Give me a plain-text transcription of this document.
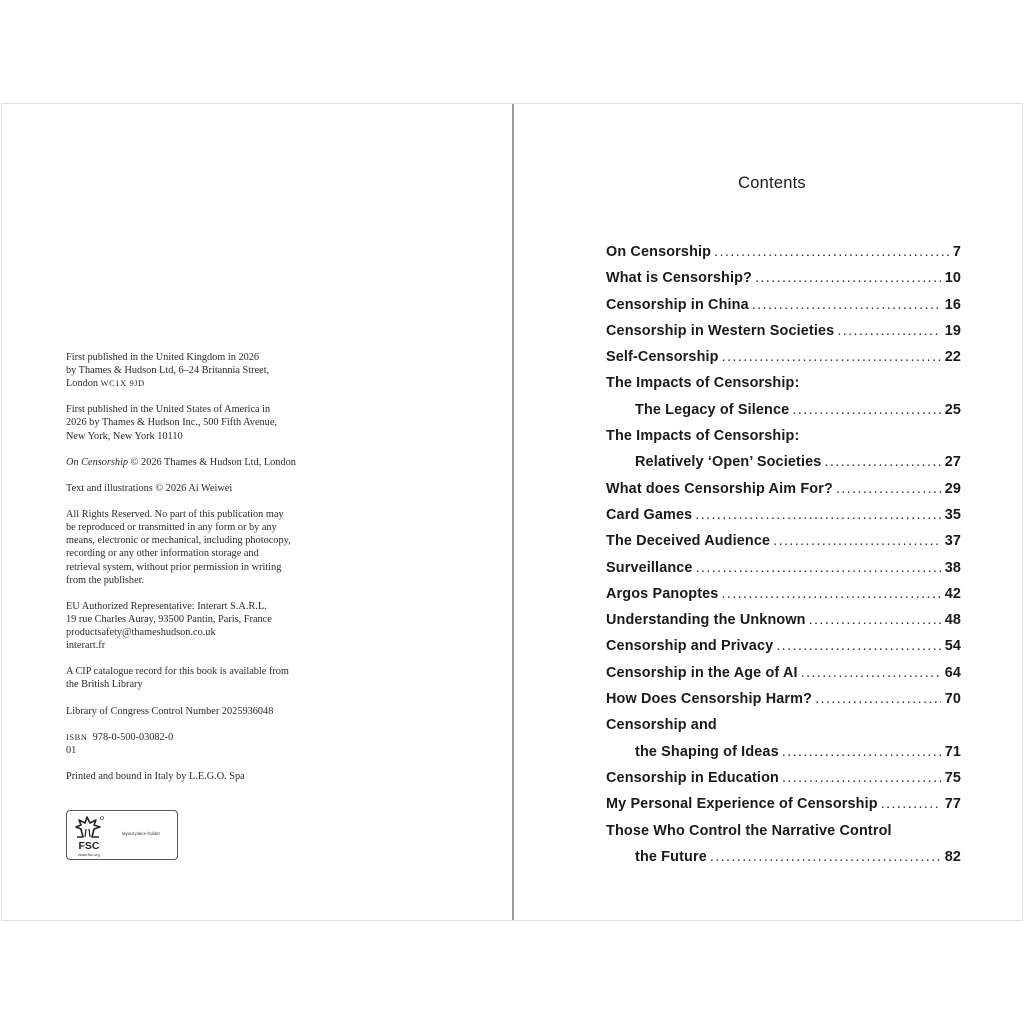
First published in the United Kingdom in 2026
by Thames & Hudson Ltd, 6–24 Britannia Street,
London WC1X 9JD

First published in the United States of America in
2026 by Thames & Hudson Inc., 500 Fifth Avenue,
New York, New York 10110

On Censorship © 2026 Thames & Hudson Ltd, London

Text and illustrations © 2026 Ai Weiwei

All Rights Reserved. No part of this publication may
be reproduced or transmitted in any form or by any
means, electronic or mechanical, including photocopy,
recording or any other information storage and
retrieval system, without prior permission in writing
from the publisher.

EU Authorized Representative: Interart S.A.R.L.
19 rue Charles Auray, 93500 Pantin, Paris, France
productsafety@thameshudson.co.uk
interart.fr

A CIP catalogue record for this book is available from
the British Library

Library of Congress Control Number 2025936048

ISBN 978-0-500-03082-0
01

Printed and bound in Italy by L.E.G.O. Spa

FSC
www.fsc.org
layout place-holder
Contents
On Censorship . . .	7
What is Censorship? . . .	10
Censorship in China . . .	16
Censorship in Western Societies . . .	19
Self-Censorship . . .	22
The Impacts of Censorship:
The Legacy of Silence . . .	25
The Impacts of Censorship:
Relatively ‘Open’ Societies . . .	27
What does Censorship Aim For? . . .	29
Card Games . . .	35
The Deceived Audience . . .	37
Surveillance . . .	38
Argos Panoptes . . .	42
Understanding the Unknown . . .	48
Censorship and Privacy . . .	54
Censorship in the Age of AI . . .	64
How Does Censorship Harm? . . .	70
Censorship and
the Shaping of Ideas . . .	71
Censorship in Education . . .	75
My Personal Experience of Censorship . . .	77
Those Who Control the Narrative Control
the Future . . .	82
